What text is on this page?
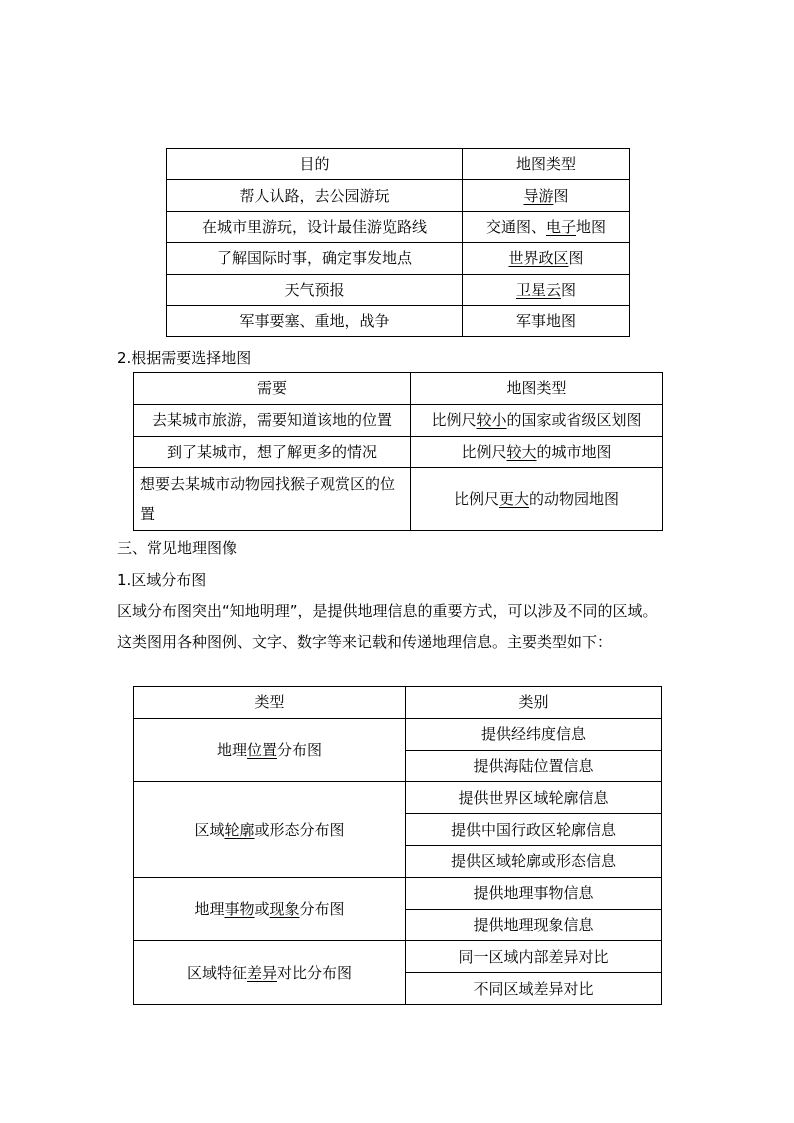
目的	地图类型
帮人认路，去公园游玩	导游图
在城市里游玩，设计最佳游览路线	交通图、电子地图
了解国际时事，确定事发地点	世界政区图
天气预报	卫星云图
军事要塞、重地，战争	军事地图

2.根据需要选择地图

需要	地图类型
去某城市旅游，需要知道该地的位置	比例尺较小的国家或省级区划图
到了某城市，想了解更多的情况	比例尺较大的城市地图
想要去某城市动物园找猴子观赏区的位置	比例尺更大的动物园地图

三、常见地理图像

1.区域分布图

区域分布图突出“知地明理”，是提供地理信息的重要方式，可以涉及不同的区域。

这类图用各种图例、文字、数字等来记载和传递地理信息。主要类型如下：

类型	类别
地理位置分布图	提供经纬度信息
	提供海陆位置信息
区域轮廓或形态分布图	提供世界区域轮廓信息
	提供中国行政区轮廓信息
	提供区域轮廓或形态信息
地理事物或现象分布图	提供地理事物信息
	提供地理现象信息
区域特征差异对比分布图	同一区域内部差异对比
	不同区域差异对比
